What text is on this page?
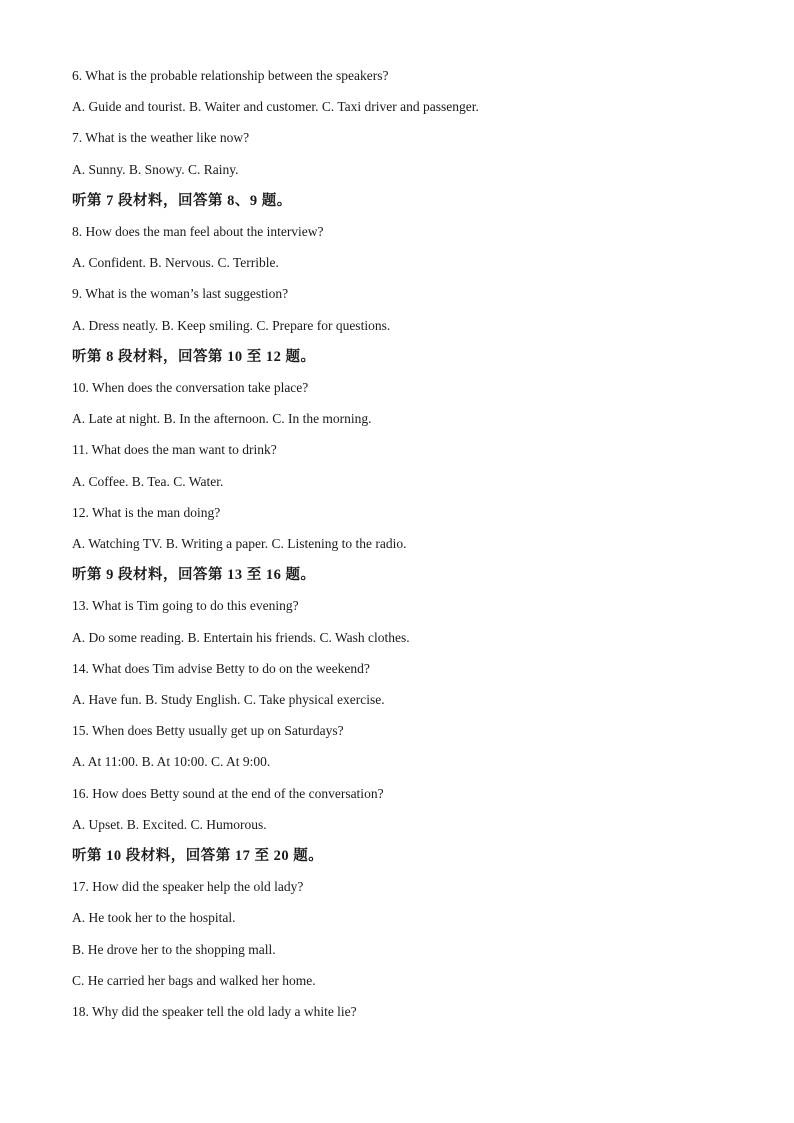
6. What is the probable relationship between the speakers?
A. Guide and tourist. B. Waiter and customer. C. Taxi driver and passenger.
7. What is the weather like now?
A. Sunny. B. Snowy. C. Rainy.
听第 7 段材料，回答第 8、9 题。
8. How does the man feel about the interview?
A. Confident. B. Nervous. C. Terrible.
9. What is the woman’s last suggestion?
A. Dress neatly. B. Keep smiling. C. Prepare for questions.
听第 8 段材料，回答第 10 至 12 题。
10. When does the conversation take place?
A. Late at night. B. In the afternoon. C. In the morning.
11. What does the man want to drink?
A. Coffee. B. Tea. C. Water.
12. What is the man doing?
A. Watching TV. B. Writing a paper. C. Listening to the radio.
听第 9 段材料，回答第 13 至 16 题。
13. What is Tim going to do this evening?
A. Do some reading. B. Entertain his friends. C. Wash clothes.
14. What does Tim advise Betty to do on the weekend?
A. Have fun. B. Study English. C. Take physical exercise.
15. When does Betty usually get up on Saturdays?
A. At 11:00. B. At 10:00. C. At 9:00.
16. How does Betty sound at the end of the conversation?
A. Upset. B. Excited. C. Humorous.
听第 10 段材料，回答第 17 至 20 题。
17. How did the speaker help the old lady?
A. He took her to the hospital.
B. He drove her to the shopping mall.
C. He carried her bags and walked her home.
18. Why did the speaker tell the old lady a white lie?
